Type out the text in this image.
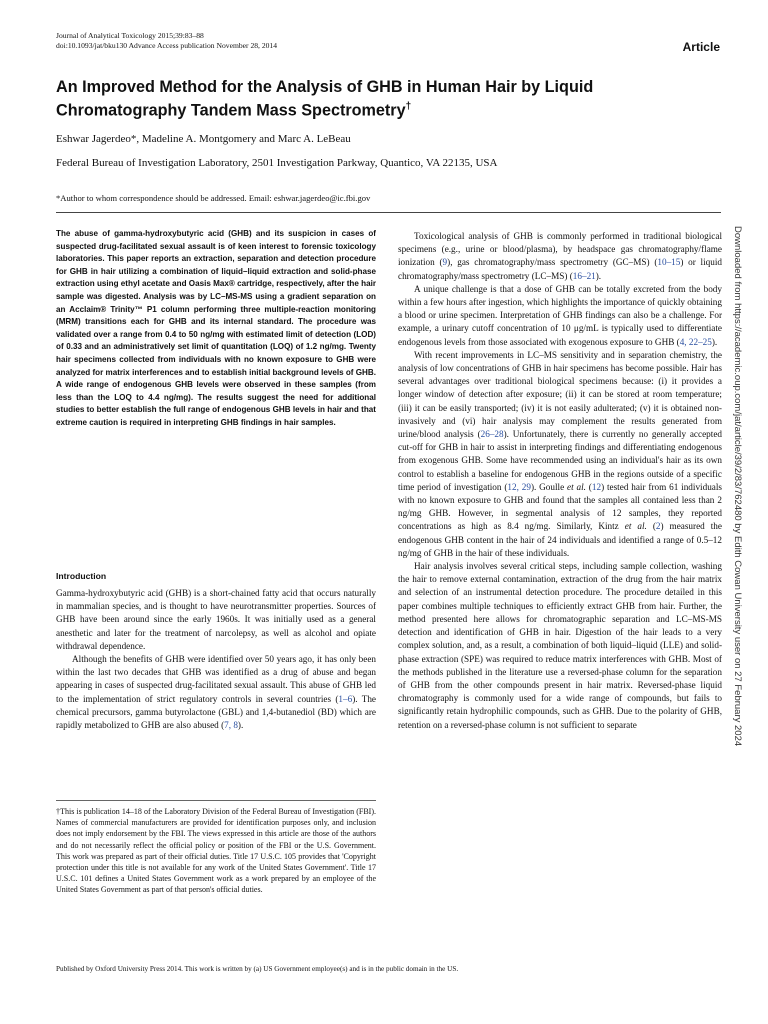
Journal of Analytical Toxicology 2015;39:83–88
doi:10.1093/jat/bku130 Advance Access publication November 28, 2014	Article
An Improved Method for the Analysis of GHB in Human Hair by Liquid Chromatography Tandem Mass Spectrometry†
Eshwar Jagerdeo*, Madeline A. Montgomery and Marc A. LeBeau
Federal Bureau of Investigation Laboratory, 2501 Investigation Parkway, Quantico, VA 22135, USA
*Author to whom correspondence should be addressed. Email: eshwar.jagerdeo@ic.fbi.gov
The abuse of gamma-hydroxybutyric acid (GHB) and its suspicion in cases of suspected drug-facilitated sexual assault is of keen interest to forensic toxicology laboratories. This paper reports an extraction, separation and detection procedure for GHB in hair utilizing a combination of liquid–liquid extraction and solid-phase extraction using ethyl acetate and Oasis Max® cartridge, respectively, after the hair sample was digested. Analysis was by LC–MS-MS using a gradient separation on an Acclaim® Trinity™ P1 column performing three multiple-reaction monitoring (MRM) transitions each for GHB and its internal standard. The procedure was validated over a range from 0.4 to 50 ng/mg with estimated limit of detection (LOD) of 0.33 and an administratively set limit of quantitation (LOQ) of 1.2 ng/mg. Twenty hair specimens collected from individuals with no known exposure to GHB were analyzed for matrix interferences and to establish initial background levels of GHB. A wide range of endogenous GHB levels were observed in these samples (from less than the LOQ to 4.4 ng/mg). The results suggest the need for additional studies to better establish the full range of endogenous GHB levels in hair and that extreme caution is required in interpreting GHB findings in hair samples.
Introduction

Gamma-hydroxybutyric acid (GHB) is a short-chained fatty acid that occurs naturally in mammalian species, and is thought to have neurotransmitter properties. Sources of GHB have been around since the early 1960s. It was initially used as a general anesthetic and later for the treatment of narcolepsy, as well as alcohol and opiate withdrawal dependence.

Although the benefits of GHB were identified over 50 years ago, it has only been within the last two decades that GHB was identified as a drug of abuse and began appearing in cases of suspected drug-facilitated sexual assault. This abuse of GHB led to the implementation of strict regulatory controls in several countries (1–6). The chemical precursors, gamma butyrolactone (GBL) and 1,4-butanediol (BD) which are rapidly metabolized to GHB are also abused (7, 8).

†This is publication 14–18 of the Laboratory Division of the Federal Bureau of Investigation (FBI). Names of commercial manufacturers are provided for identification purposes only, and inclusion does not imply endorsement by the FBI. The views expressed in this article are those of the authors and do not necessarily reflect the official policy or position of the FBI or the U.S. Government. This work was prepared as part of their official duties. Title 17 U.S.C. 105 provides that 'Copyright protection under this title is not available for any work of the United States Government'. Title 17 U.S.C. 101 defines a United States Government work as a work prepared by an employee of the United States Government as part of that person's official duties.

Toxicological analysis of GHB is commonly performed in traditional biological specimens (e.g., urine or blood/plasma), by headspace gas chromatography/flame ionization (9), gas chromatography/mass spectrometry (GC–MS) (10–15) or liquid chromatography/mass spectrometry (LC–MS) (16–21).

A unique challenge is that a dose of GHB can be totally excreted from the body within a few hours after ingestion, which highlights the importance of quickly obtaining a blood or urine specimen. Interpretation of GHB findings can also be a challenge. For example, a urinary cutoff concentration of 10 μg/mL is typically used to differentiate endogenous levels from those associated with exogenous exposure to GHB (4, 22–25).

With recent improvements in LC–MS sensitivity and in separation chemistry, the analysis of low concentrations of GHB in hair specimens has become possible. Hair has several advantages over traditional biological specimens because: (i) it provides a longer window of detection after exposure; (ii) it can be stored at room temperature; (iii) it can be easily transported; (iv) it is not easily adulterated; (v) it is obtained non-invasively and (vi) hair analysis may complement the results generated from urine/blood analysis (26–28). Unfortunately, there is currently no generally accepted cut-off for GHB in hair to assist in interpreting findings and differentiating endogenous from exogenous GHB. Some have recommended using an individual's hair as its own control to establish a baseline for endogenous GHB in the regions outside of a specific time period of investigation (12, 29). Goulle et al. (12) tested hair from 61 individuals with no known exposure to GHB and found that the samples all contained less than 2 ng/mg GHB. However, in segmental analysis of 12 samples, they reported concentrations as high as 8.4 ng/mg. Similarly, Kintz et al. (2) measured the endogenous GHB content in the hair of 24 individuals and identified a range of 0.5–12 ng/mg of GHB in the hair of these individuals.

Hair analysis involves several critical steps, including sample collection, washing the hair to remove external contamination, extraction of the drug from the hair matrix and selection of an instrumental detection procedure. The procedure detailed in this paper combines multiple techniques to efficiently extract GHB from hair. Further, the method presented here allows for chromatographic separation and LC–MS-MS detection and identification of GHB in hair. Digestion of the hair leads to a very complex solution, and, as a result, a combination of both liquid–liquid (LLE) and solid-phase extraction (SPE) was required to reduce matrix interferences with GHB. Most of the methods published in the literature use a reversed-phase column for the separation of GHB from the other compounds present in hair matrix. Reversed-phase liquid chromatography is commonly used for a wide range of compounds, but fails to significantly retain hydrophilic compounds, such as GHB. Due to the polarity of GHB, retention on a reversed-phase column is not sufficient to separate

Published by Oxford University Press 2014. This work is written by (a) US Government employee(s) and is in the public domain in the US.
Downloaded from https://academic.oup.com/jat/article/39/2/83/762480 by Edith Cowan University user on 27 February 2024
